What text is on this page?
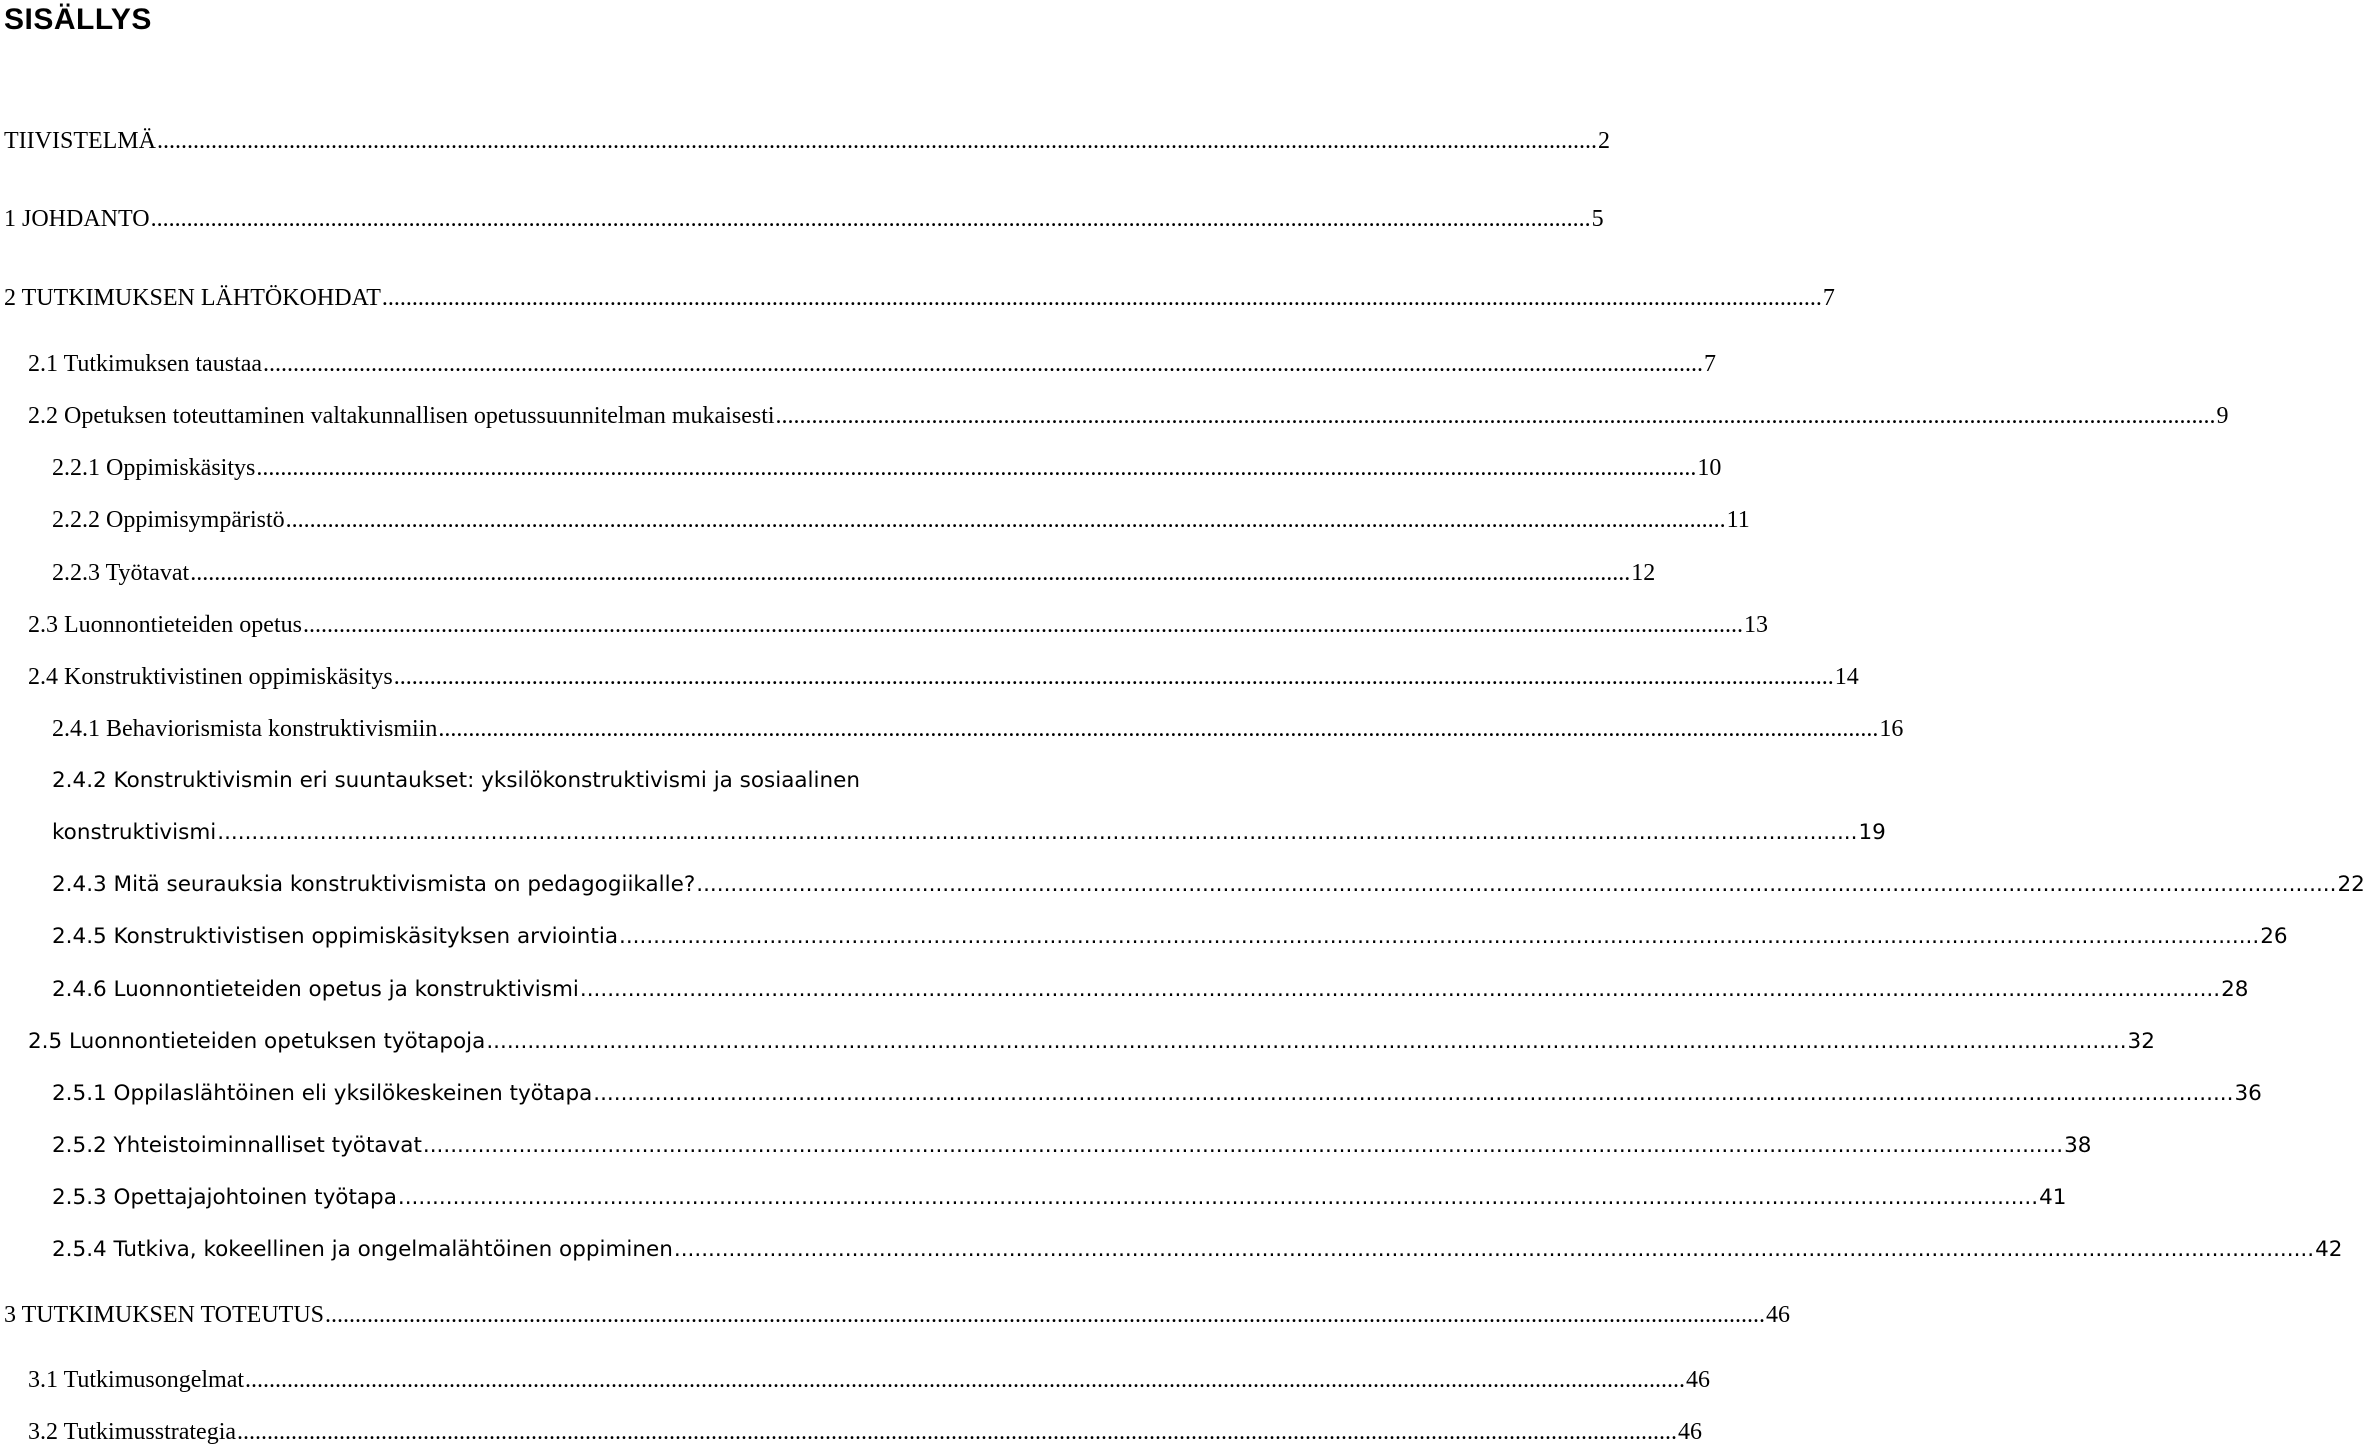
SISÄLLYS
TIIVISTELMÄ ................................................................................................................................................................................................................................................ 2
1 JOHDANTO ................................................................................................................................................................................................................................................ 5
2 TUTKIMUKSEN LÄHTÖKOHDAT ................................................................................................................................................................................................................................................ 7
2.1 Tutkimuksen taustaa ................................................................................................................................................................................................................................................ 7
2.2 Opetuksen toteuttaminen valtakunnallisen opetussuunnitelman mukaisesti ................................................................................................................................................................................................................................................ 9
2.2.1 Oppimiskäsitys ................................................................................................................................................................................................................................................ 10
2.2.2 Oppimisympäristö ................................................................................................................................................................................................................................................ 11
2.2.3 Työtavat ................................................................................................................................................................................................................................................ 12
2.3 Luonnontieteiden opetus ................................................................................................................................................................................................................................................ 13
2.4 Konstruktivistinen oppimiskäsitys ................................................................................................................................................................................................................................................ 14
2.4.1 Behaviorismista konstruktivismiin ................................................................................................................................................................................................................................................ 16
2.4.2 Konstruktivismin eri suuntaukset: yksilökonstruktivismi ja sosiaalinen
konstruktivismi ................................................................................................................................................................................................................................................ 19
2.4.3 Mitä seurauksia konstruktivismista on pedagogiikalle? ................................................................................................................................................................................................................................................ 22
2.4.5 Konstruktivistisen oppimiskäsityksen arviointia ................................................................................................................................................................................................................................................ 26
2.4.6 Luonnontieteiden opetus ja konstruktivismi ................................................................................................................................................................................................................................................ 28
2.5 Luonnontieteiden opetuksen työtapoja ................................................................................................................................................................................................................................................ 32
2.5.1 Oppilaslähtöinen eli yksilökeskeinen työtapa ................................................................................................................................................................................................................................................ 36
2.5.2 Yhteistoiminnalliset työtavat ................................................................................................................................................................................................................................................ 38
2.5.3 Opettajajohtoinen työtapa ................................................................................................................................................................................................................................................ 41
2.5.4 Tutkiva, kokeellinen ja ongelmalähtöinen oppiminen ................................................................................................................................................................................................................................................ 42
3 TUTKIMUKSEN TOTEUTUS ................................................................................................................................................................................................................................................ 46
3.1 Tutkimusongelmat ................................................................................................................................................................................................................................................ 46
3.2 Tutkimusstrategia ................................................................................................................................................................................................................................................ 46
